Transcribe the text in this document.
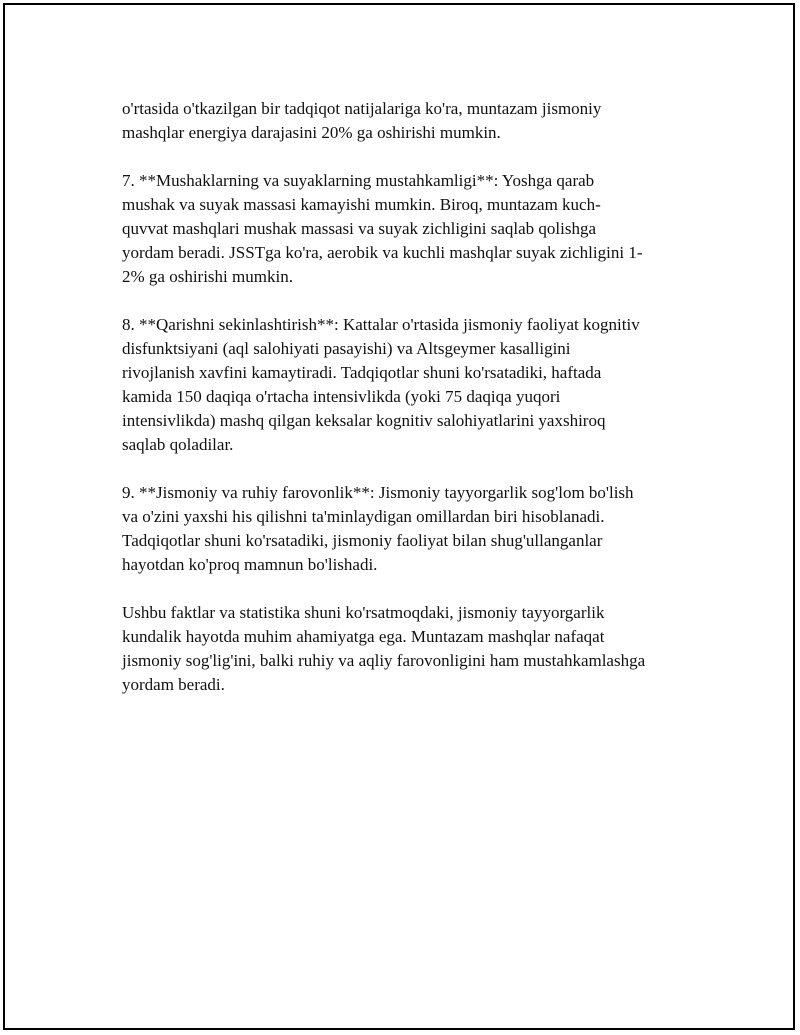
o'rtasida o'tkazilgan bir tadqiqot natijalariga ko'ra, muntazam jismoniy
mashqlar energiya darajasini 20% ga oshirishi mumkin.

7. **Mushaklarning va suyaklarning mustahkamligi**: Yoshga qarab
mushak va suyak massasi kamayishi mumkin. Biroq, muntazam kuch-
quvvat mashqlari mushak massasi va suyak zichligini saqlab qolishga
yordam beradi. JSSTga ko'ra, aerobik va kuchli mashqlar suyak zichligini 1-
2% ga oshirishi mumkin.

8. **Qarishni sekinlashtirish**: Kattalar o'rtasida jismoniy faoliyat kognitiv
disfunktsiyani (aql salohiyati pasayishi) va Altsgeymer kasalligini
rivojlanish xavfini kamaytiradi. Tadqiqotlar shuni ko'rsatadiki, haftada
kamida 150 daqiqa o'rtacha intensivlikda (yoki 75 daqiqa yuqori
intensivlikda) mashq qilgan keksalar kognitiv salohiyatlarini yaxshiroq
saqlab qoladilar.

9. **Jismoniy va ruhiy farovonlik**: Jismoniy tayyorgarlik sog'lom bo'lish
va o'zini yaxshi his qilishni ta'minlaydigan omillardan biri hisoblanadi.
Tadqiqotlar shuni ko'rsatadiki, jismoniy faoliyat bilan shug'ullanganlar
hayotdan ko'proq mamnun bo'lishadi.

Ushbu faktlar va statistika shuni ko'rsatmoqdaki, jismoniy tayyorgarlik
kundalik hayotda muhim ahamiyatga ega. Muntazam mashqlar nafaqat
jismoniy sog'lig'ini, balki ruhiy va aqliy farovonligini ham mustahkamlashga
yordam beradi.
